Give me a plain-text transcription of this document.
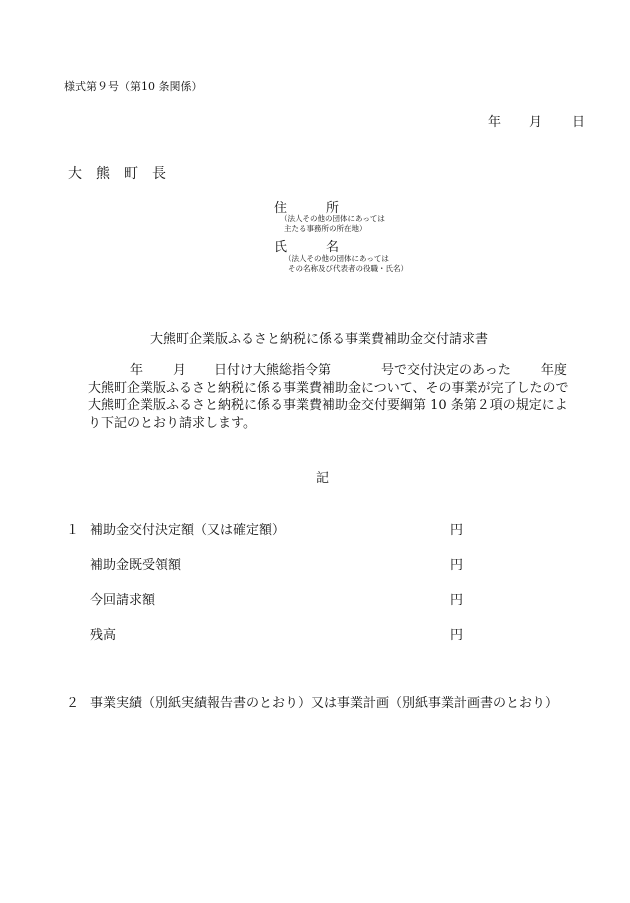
様式第９号（第10 条関係）
年 月 日
大　熊　町　長
住　　　所
（法人その他の団体にあっては
主たる事務所の所在地）
氏　　　名
（法人その他の団体にあっては
その名称及び代表者の役職・氏名）
大熊町企業版ふるさと納税に係る事業費補助金交付請求書
年 月 日付け大熊総指令第	号で交付決定のあった 年度
大熊町企業版ふるさと納税に係る事業費補助金について、その事業が完了したので
大熊町企業版ふるさと納税に係る事業費補助金交付要綱第 10 条第２項の規定によ
り下記のとおり請求します。
記
１ 補助金交付決定額（又は確定額）	円
補助金既受領額	円
今回請求額	円
残高	円
２ 事業実績（別紙実績報告書のとおり）又は事業計画（別紙事業計画書のとおり）
